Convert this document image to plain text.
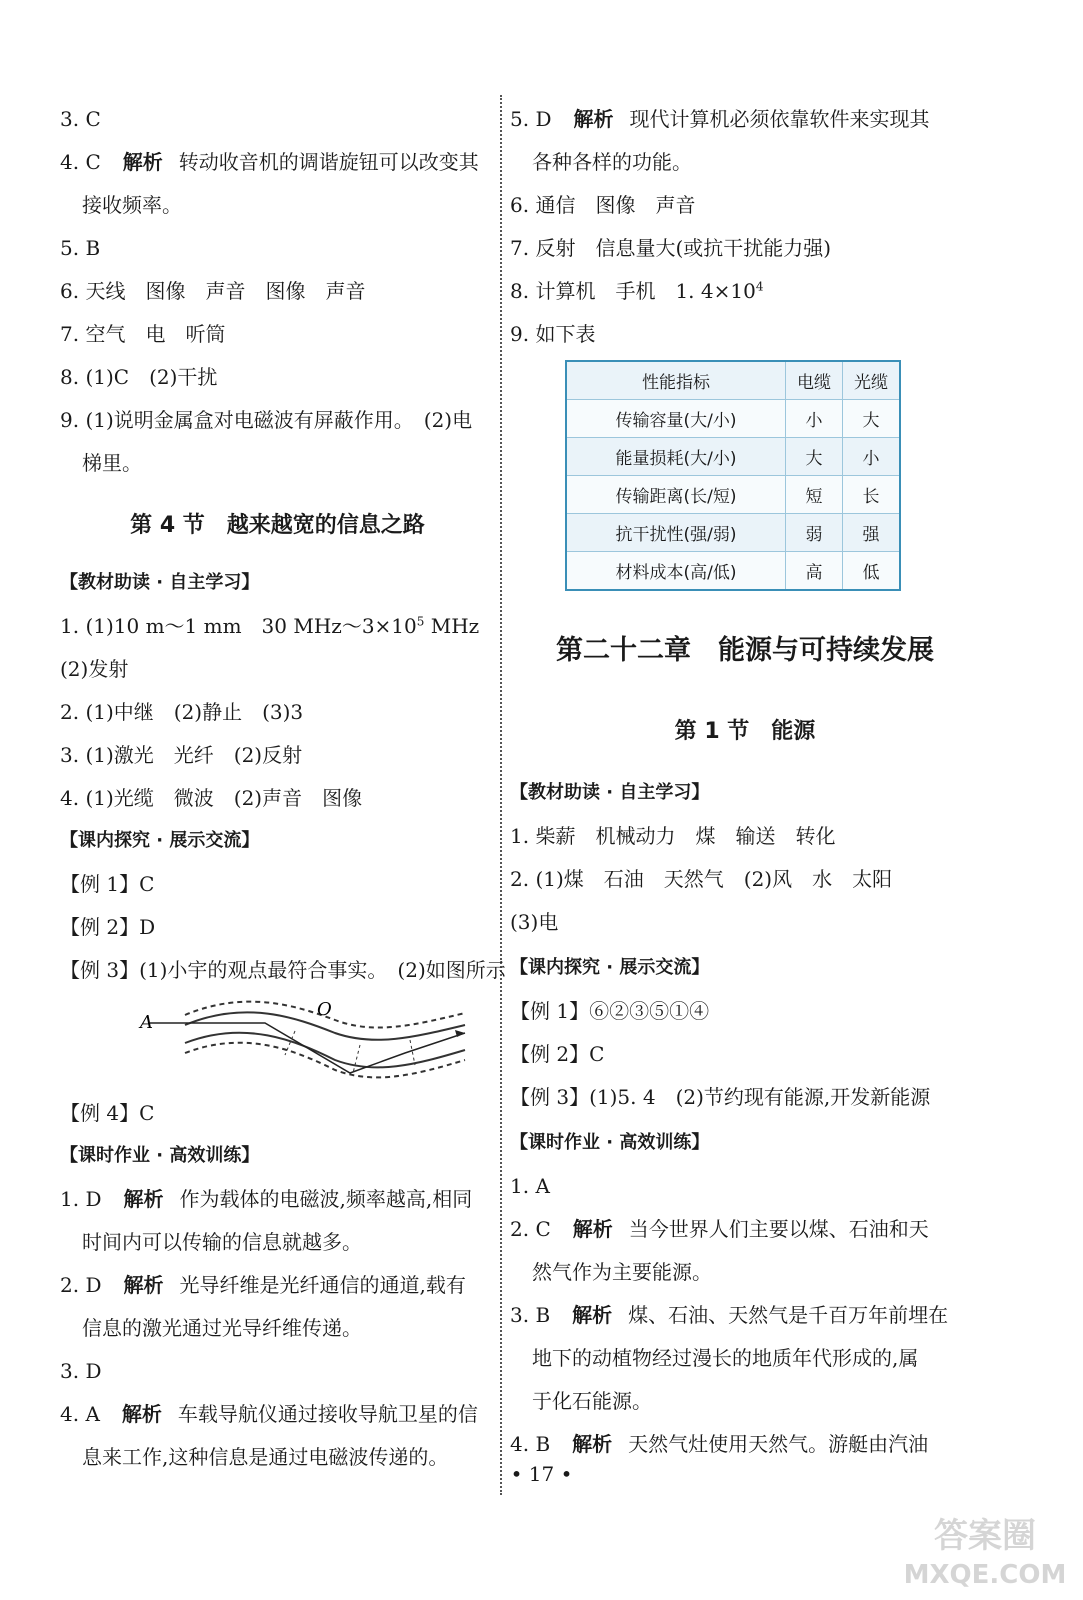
3. C
4. C 解析 转动收音机的调谐旋钮可以改变其
接收频率。
5. B
6. 天线　图像　声音　图像　声音
7. 空气　电　听筒
8. (1)C　(2)干扰
9. (1)说明金属盒对电磁波有屏蔽作用。　(2)电
梯里。
第 4 节　越来越宽的信息之路
【教材助读 · 自主学习】
1. (1)10 m～1 mm　30 $MHz\sim 3\times 10^5$ MHz
(2)发射
2. (1)中继　(2)静止　(3)3
3. (1)激光　光纤　(2)反射
4. (1)光缆　微波　(2)声音　图像
【课内探究 · 展示交流】
【例 1】C
【例 2】D
【例 3】(1)小宇的观点最符合事实。　(2)如图所示
A
O
【例 4】C
【课时作业 · 高效训练】
1. D 解析 作为载体的电磁波,频率越高,相同
时间内可以传输的信息就越多。
2. D 解析 光导纤维是光纤通信的通道,载有
信息的激光通过光导纤维传递。
3. D
4. A 解析 车载导航仪通过接收导航卫星的信
息来工作,这种信息是通过电磁波传递的。
5. D 解析 现代计算机必须依靠软件来实现其
各种各样的功能。
6. 通信　图像　声音
7. 反射　信息量大(或抗干扰能力强)
8. 计算机　手机　1. $4\times 10^4$
9. 如下表
性能指标	电缆	光缆
传输容量(大/小)	小	大
能量损耗(大/小)	大	小
传输距离(长/短)	短	长
抗干扰性(强/弱)	弱	强
材料成本(高/低)	高	低
第二十二章　能源与可持续发展
第 1 节　能源
【教材助读 · 自主学习】
1. 柴薪　机械动力　煤　输送　转化
2. (1)煤　石油　天然气　(2)风　水　太阳
(3)电
【课内探究 · 展示交流】
【例 1】⑥②③⑤①④
【例 2】C
【例 3】(1)5. 4　(2)节约现有能源,开发新能源
【课时作业 · 高效训练】
1. A
2. C 解析 当今世界人们主要以煤、石油和天
然气作为主要能源。
3. B 解析 煤、石油、天然气是千百万年前埋在
地下的动植物经过漫长的地质年代形成的,属
于化石能源。
4. B 解析 天然气灶使用天然气。游艇由汽油
• 17 •
答案圈
MXQE.COM
